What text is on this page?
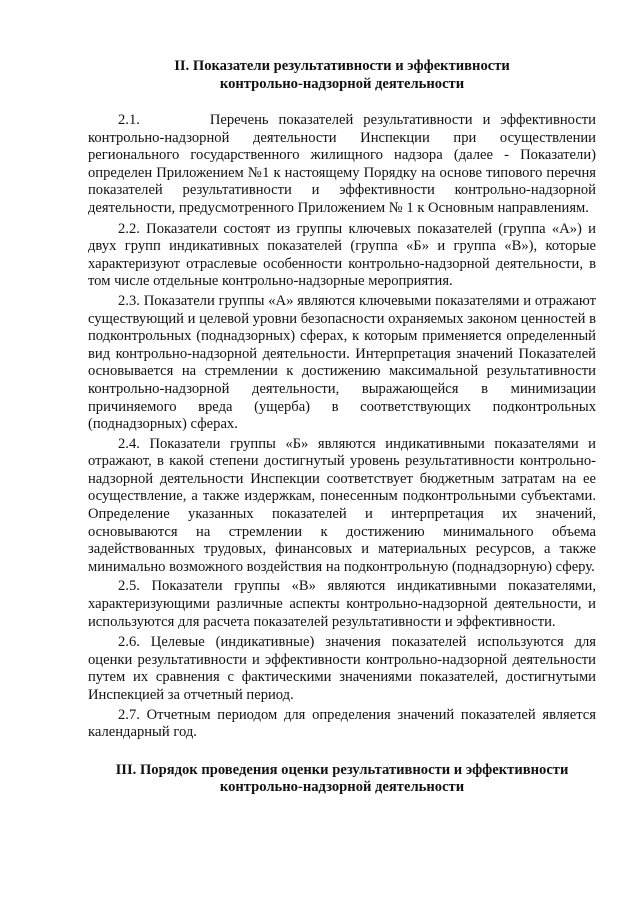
II. Показатели результативности и эффективности
контрольно-надзорной деятельности

2.1.	Перечень показателей результативности и эффективности контрольно-надзорной деятельности Инспекции при осуществлении регионального государственного жилищного надзора (далее - Показатели) определен Приложением №1 к настоящему Порядку на основе типового перечня показателей результативности и эффективности контрольно-надзорной деятельности, предусмотренного Приложением № 1 к Основным направлениям.

2.2. Показатели состоят из группы ключевых показателей (группа «А») и двух групп индикативных показателей (группа «Б» и группа «В»), которые характеризуют отраслевые особенности контрольно-надзорной деятельности, в том числе отдельные контрольно-надзорные мероприятия.

2.3. Показатели группы «А» являются ключевыми показателями и отражают существующий и целевой уровни безопасности охраняемых законом ценностей в подконтрольных (поднадзорных) сферах, к которым применяется определенный вид контрольно-надзорной деятельности. Интерпретация значений Показателей основывается на стремлении к достижению максимальной результативности контрольно-надзорной деятельности, выражающейся в минимизации причиняемого вреда (ущерба) в соответствующих подконтрольных (поднадзорных) сферах.

2.4. Показатели группы «Б» являются индикативными показателями и отражают, в какой степени достигнутый уровень результативности контрольно-надзорной деятельности Инспекции соответствует бюджетным затратам на ее осуществление, а также издержкам, понесенным подконтрольными субъектами. Определение указанных показателей и интерпретация их значений, основываются на стремлении к достижению минимального объема задействованных трудовых, финансовых и материальных ресурсов, а также минимально возможного воздействия на подконтрольную (поднадзорную) сферу.

2.5. Показатели группы «В» являются индикативными показателями, характеризующими различные аспекты контрольно-надзорной деятельности, и используются для расчета показателей результативности и эффективности.

2.6. Целевые (индикативные) значения показателей используются для оценки результативности и эффективности контрольно-надзорной деятельности путем их сравнения с фактическими значениями показателей, достигнутыми Инспекцией за отчетный период.

2.7. Отчетным периодом для определения значений показателей является календарный год.

III. Порядок проведения оценки результативности и эффективности
контрольно-надзорной деятельности
